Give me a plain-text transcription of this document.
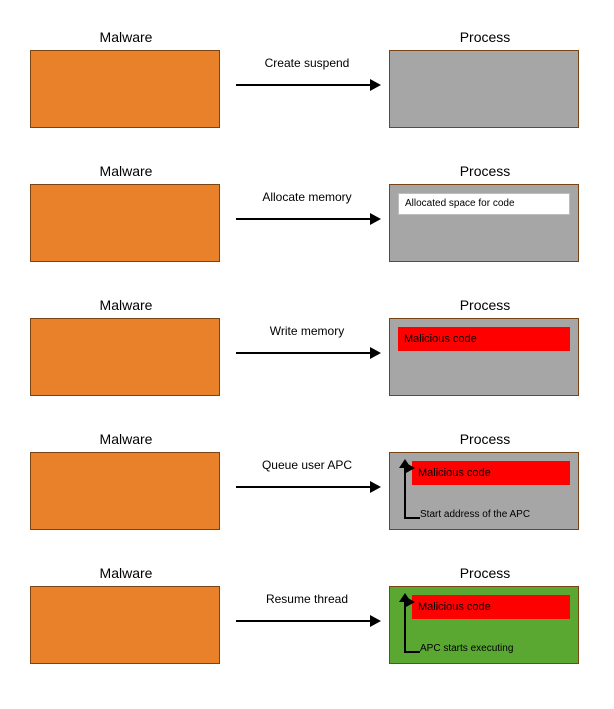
Malware
Create suspend
Process
Malware
Allocate memory
Process
Allocated space for code
Malware
Write memory
Process
Malicious code
Malware
Queue user APC
Process
Malicious code
Start address of the APC
Malware
Resume thread
Process
Malicious code
APC starts executing
